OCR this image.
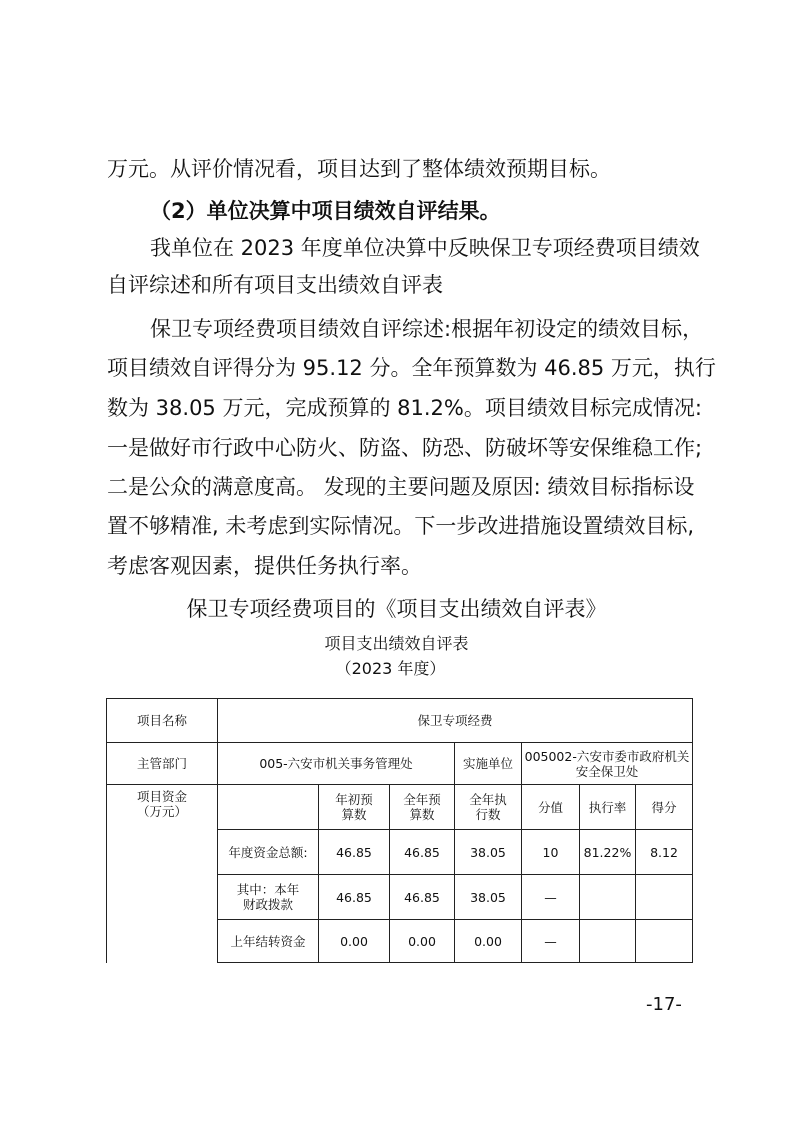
万元。从评价情况看，项目达到了整体绩效预期目标。

（2）单位决算中项目绩效自评结果。

我单位在 2023 年度单位决算中反映保卫专项经费项目绩效

自评综述和所有项目支出绩效自评表

保卫专项经费项目绩效自评综述:根据年初设定的绩效目标，

项目绩效自评得分为 95.12 分。全年预算数为 46.85 万元，执行

数为 38.05 万元，完成预算的 81.2%。项目绩效目标完成情况:

一是做好市行政中心防火、防盗、防恐、防破坏等安保维稳工作;

二是公众的满意度高。 发现的主要问题及原因: 绩效目标指标设

置不够精准, 未考虑到实际情况。下一步改进措施设置绩效目标,

考虑客观因素，提供任务执行率。

保卫专项经费项目的《项目支出绩效自评表》

项目支出绩效自评表

（2023 年度）

项目名称	保卫专项经费						
主管部门	005-六安市机关事务管理处			实施单位	005002-六安市委市政府机关安全保卫处		
项目资金（万元）		年初预算数	全年预算数	全年执行数	分值	执行率	得分
	年度资金总额:	46.85	46.85	38.05	10	81.22%	8.12
	其中：本年财政拨款	46.85	46.85	38.05	—		
	上年结转资金	0.00	0.00	0.00	—		
-17-
